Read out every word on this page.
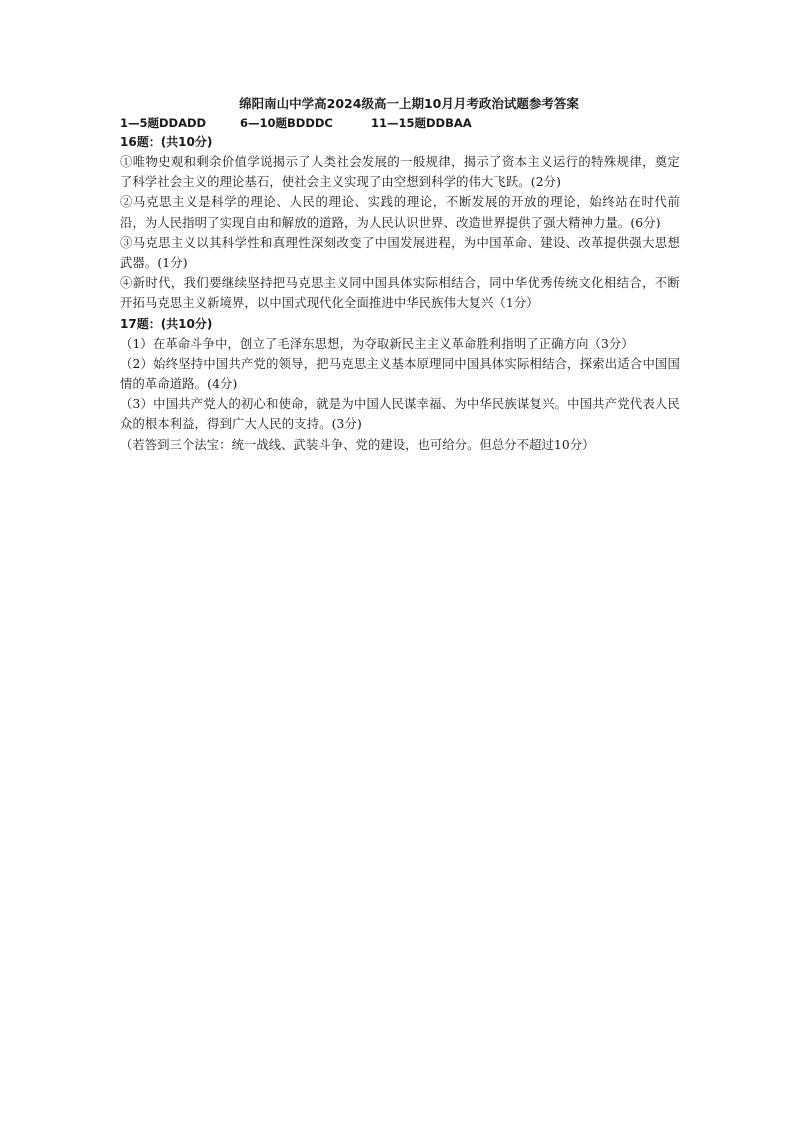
绵阳南山中学高2024级高一上期10月月考政治试题参考答案
1—5题DDADD	6—10题BDDDC	11—15题DDBAA
16题：(共10分)
①唯物史观和剩余价值学说揭示了人类社会发展的一般规律，揭示了资本主义运行的特殊规律，奠定了科学社会主义的理论基石，使社会主义实现了由空想到科学的伟大飞跃。(2分)
②马克思主义是科学的理论、人民的理论、实践的理论，不断发展的开放的理论，始终站在时代前沿，为人民指明了实现自由和解放的道路，为人民认识世界、改造世界提供了强大精神力量。(6分)
③马克思主义以其科学性和真理性深刻改变了中国发展进程，为中国革命、建设、改革提供强大思想武器。(1分)
④新时代，我们要继续坚持把马克思主义同中国具体实际相结合，同中华优秀传统文化相结合，不断开拓马克思主义新境界，以中国式现代化全面推进中华民族伟大复兴（1分）
17题：(共10分)
（1）在革命斗争中，创立了毛泽东思想，为夺取新民主主义革命胜利指明了正确方向（3分）
（2）始终坚持中国共产党的领导，把马克思主义基本原理同中国具体实际相结合，探索出适合中国国情的革命道路。(4分)
（3）中国共产党人的初心和使命，就是为中国人民谋幸福、为中华民族谋复兴。中国共产党代表人民众的根本利益，得到广大人民的支持。(3分)
（若答到三个法宝：统一战线、武装斗争、党的建设，也可给分。但总分不超过10分）
